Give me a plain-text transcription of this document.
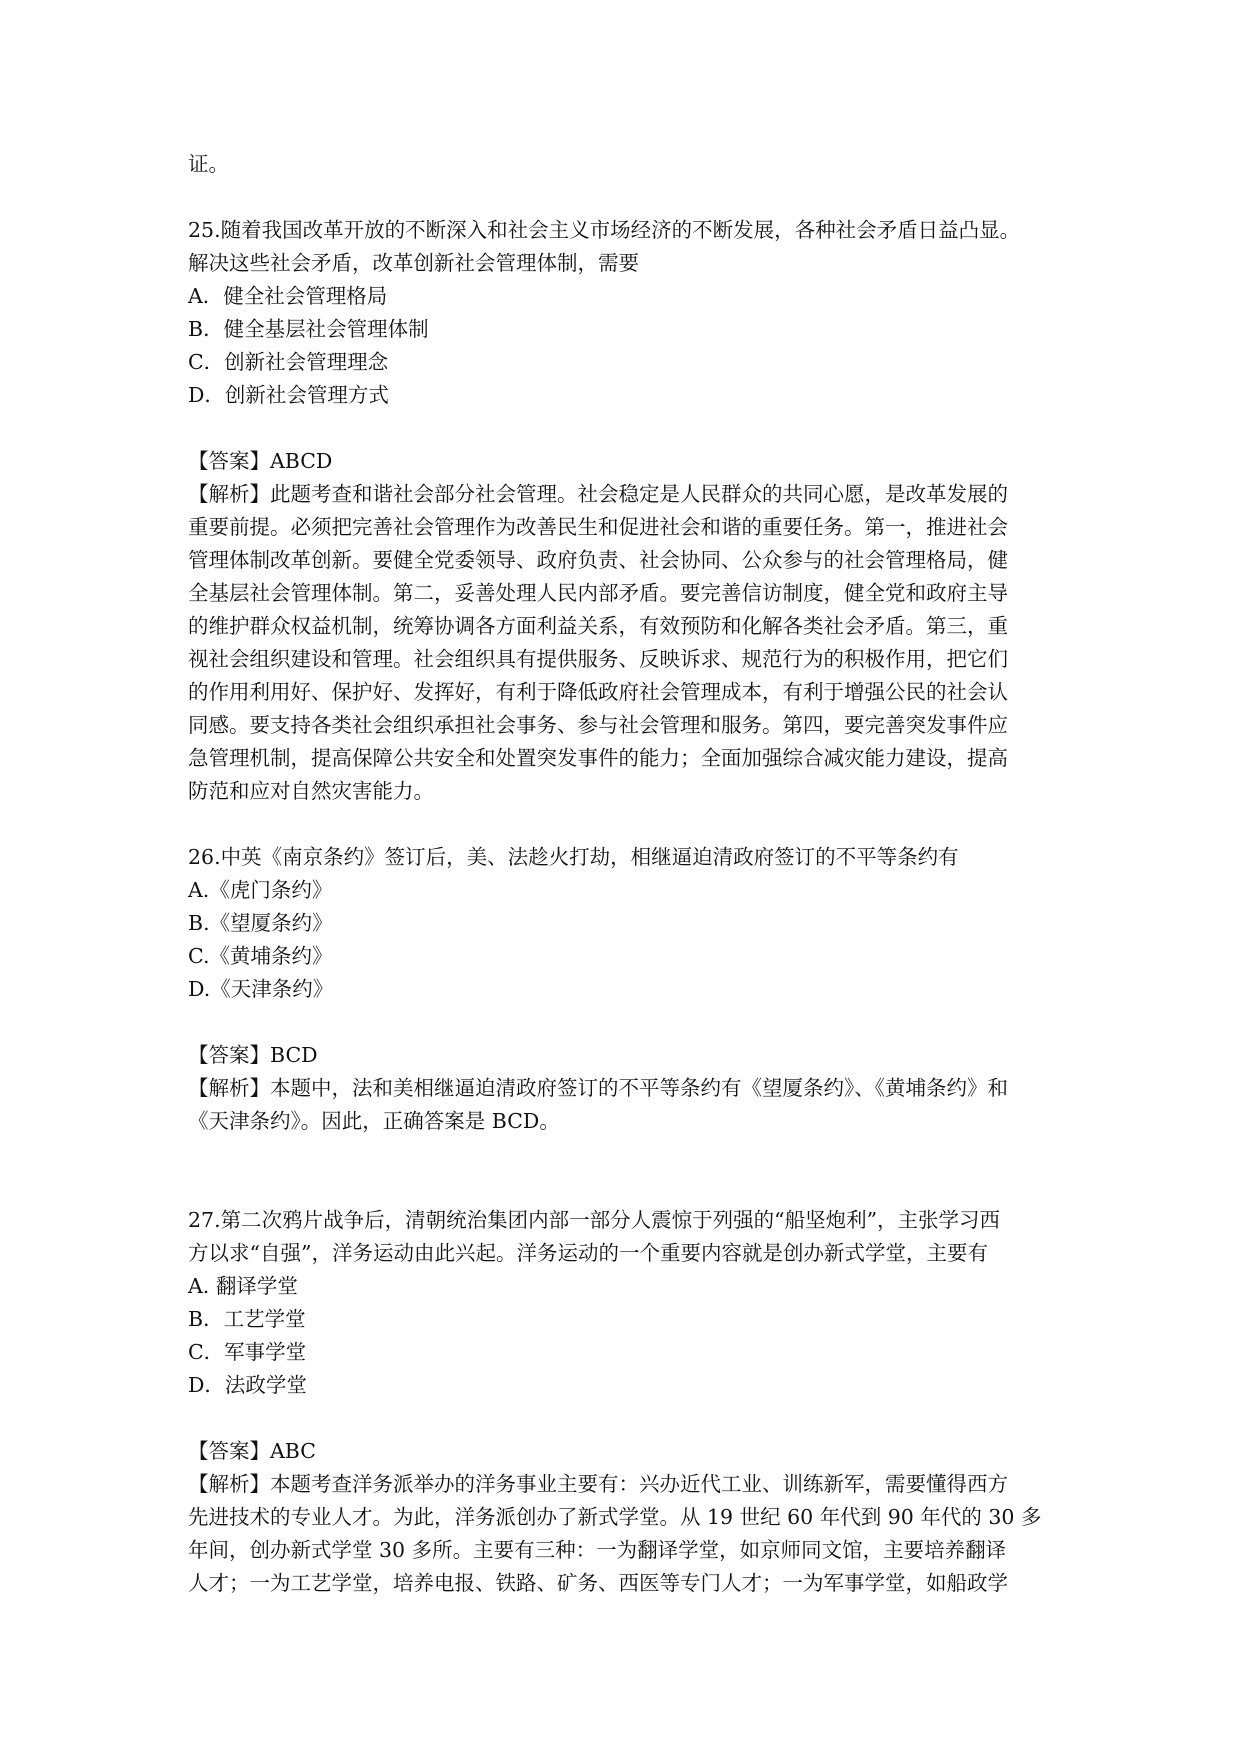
证。
25.随着我国改革开放的不断深入和社会主义市场经济的不断发展，各种社会矛盾日益凸显。
解决这些社会矛盾，改革创新社会管理体制，需要
A．健全社会管理格局
B．健全基层社会管理体制
C．创新社会管理理念
D．创新社会管理方式
【答案】ABCD
【解析】此题考查和谐社会部分社会管理。社会稳定是人民群众的共同心愿，是改革发展的
重要前提。必须把完善社会管理作为改善民生和促进社会和谐的重要任务。第一，推进社会
管理体制改革创新。要健全党委领导、政府负责、社会协同、公众参与的社会管理格局，健
全基层社会管理体制。第二，妥善处理人民内部矛盾。要完善信访制度，健全党和政府主导
的维护群众权益机制，统筹协调各方面利益关系，有效预防和化解各类社会矛盾。第三，重
视社会组织建设和管理。社会组织具有提供服务、反映诉求、规范行为的积极作用，把它们
的作用利用好、保护好、发挥好，有利于降低政府社会管理成本，有利于增强公民的社会认
同感。要支持各类社会组织承担社会事务、参与社会管理和服务。第四，要完善突发事件应
急管理机制，提高保障公共安全和处置突发事件的能力；全面加强综合减灾能力建设，提高
防范和应对自然灾害能力。
26.中英《南京条约》签订后，美、法趁火打劫，相继逼迫清政府签订的不平等条约有
A.《虎门条约》
B.《望厦条约》
C.《黄埔条约》
D.《天津条约》
【答案】BCD
【解析】本题中，法和美相继逼迫清政府签订的不平等条约有《望厦条约》、《黄埔条约》和
《天津条约》。因此，正确答案是 BCD。
27.第二次鸦片战争后，清朝统治集团内部一部分人震惊于列强的“船坚炮利”，主张学习西
方以求“自强”，洋务运动由此兴起。洋务运动的一个重要内容就是创办新式学堂，主要有
A. 翻译学堂
B．工艺学堂
C．军事学堂
D．法政学堂
【答案】ABC
【解析】本题考查洋务派举办的洋务事业主要有：兴办近代工业、训练新军，需要懂得西方
先进技术的专业人才。为此，洋务派创办了新式学堂。从 19 世纪 60 年代到 90 年代的 30 多
年间，创办新式学堂 30 多所。主要有三种：一为翻译学堂，如京师同文馆，主要培养翻译
人才；一为工艺学堂，培养电报、铁路、矿务、西医等专门人才；一为军事学堂，如船政学
